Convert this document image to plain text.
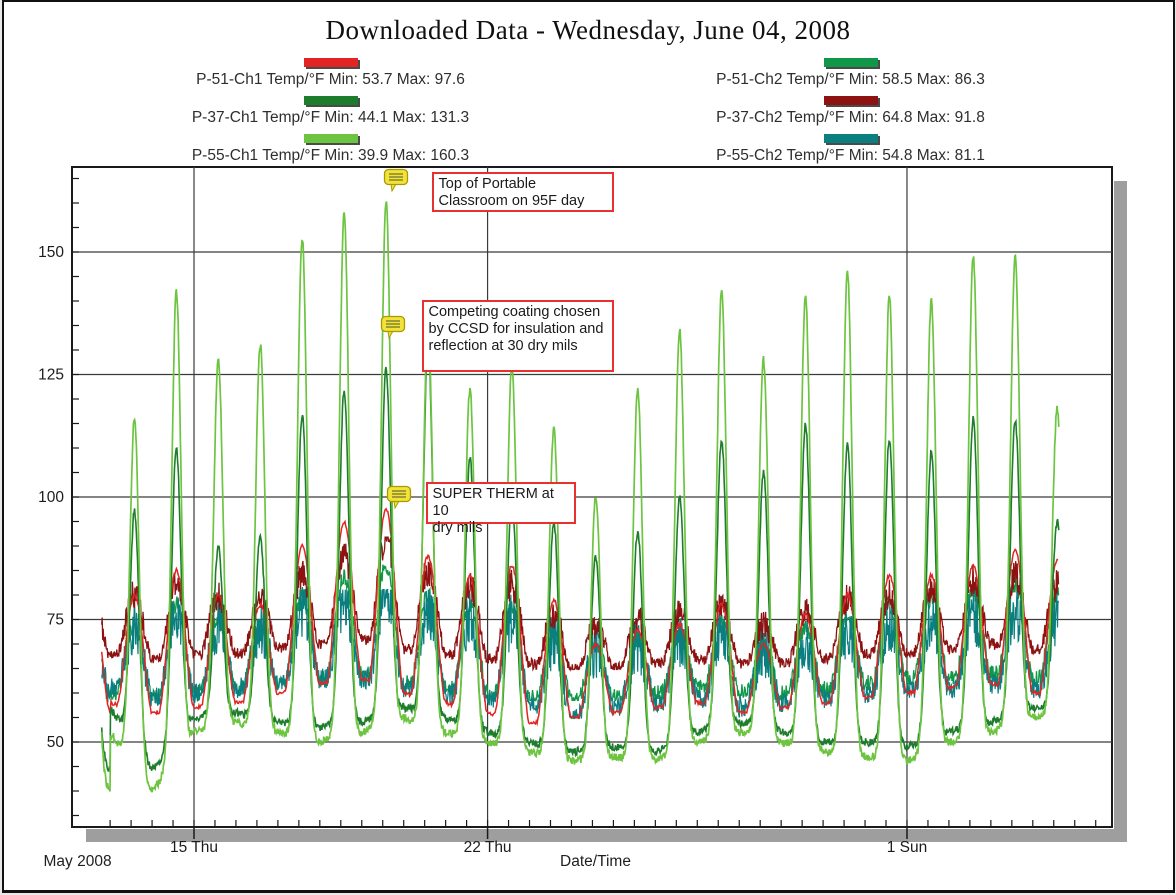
50
75
100
125
150
15 Thu	22 Thu	1 Sun
Downloaded Data - Wednesday, June 04, 2008
P-51-Ch1 Temp/°F Min: 53.7 Max: 97.6
P-37-Ch1 Temp/°F Min: 44.1 Max: 131.3
P-55-Ch1 Temp/°F Min: 39.9 Max: 160.3
P-51-Ch2 Temp/°F Min: 58.5 Max: 86.3
P-37-Ch2 Temp/°F Min: 64.8 Max: 91.8
P-55-Ch2 Temp/°F Min: 54.8 Max: 81.1
Top of Portable
Classroom on 95F day
Competing coating chosen
by CCSD for insulation and
reflection at 30 dry mils
SUPER THERM at 10
dry mils
May 2008	Date/Time
